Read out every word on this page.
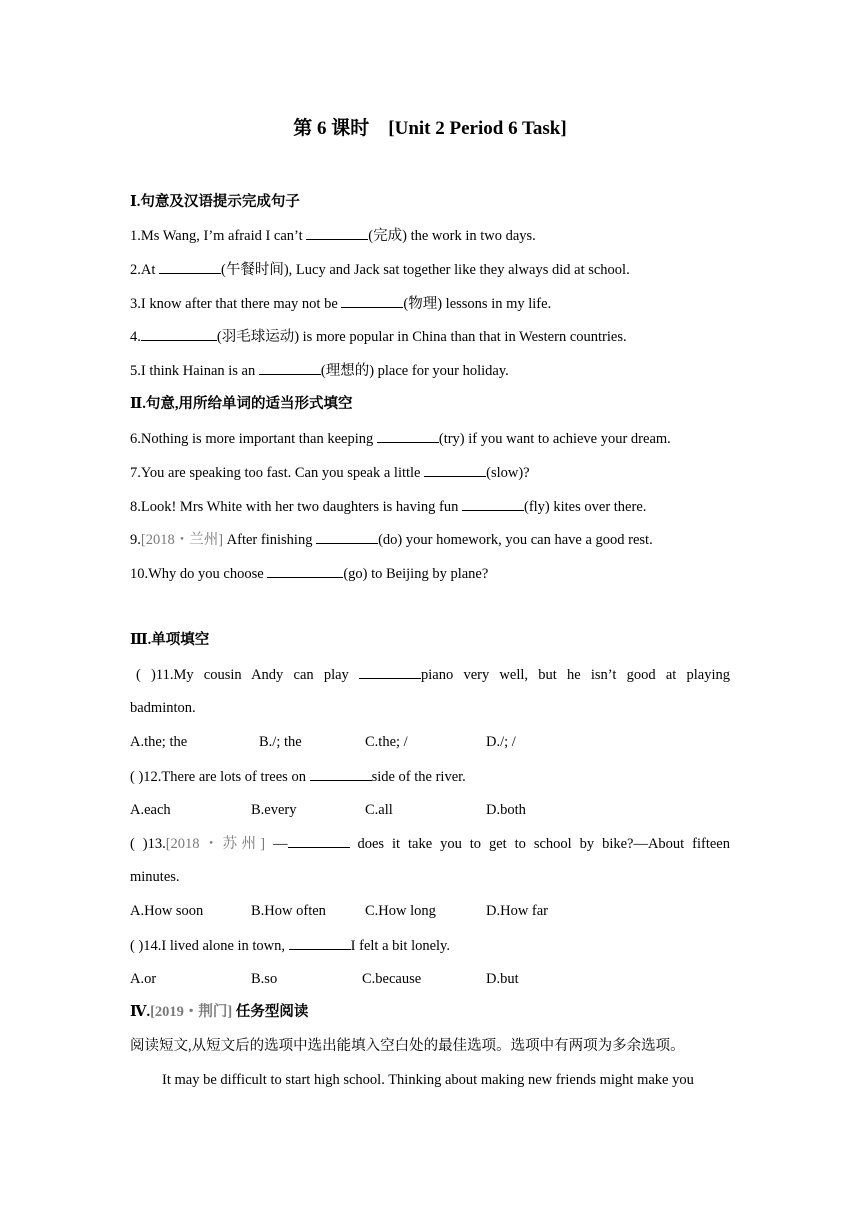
第 6 课时    [Unit 2 Period 6 Task]
Ⅰ.句意及汉语提示完成句子
1.Ms Wang, I’m afraid I can’t	(完成) the work in two days.
2.At	(午餐时间), Lucy and Jack sat together like they always did at school.
3.I know after that there may not be	(物理) lessons in my life.
4.	(羽毛球运动) is more popular in China than that in Western countries.
5.I think Hainan is an	(理想的) place for your holiday.
Ⅱ.句意,用所给单词的适当形式填空
6.Nothing is more important than keeping	(try) if you want to achieve your dream.
7.You are speaking too fast. Can you speak a little	(slow)?
8.Look! Mrs White with her two daughters is having fun	(fly) kites over there.
9.[2018・兰州] After finishing	(do) your homework, you can have a good rest.
10.Why do you choose	(go) to Beijing by plane?
Ⅲ.单项填空
( )11.My cousin Andy can play	piano very well, but he isn’t good at playing
badminton.
A.the; the	B./; the	C.the; /	D./; /
( )12.There are lots of trees on	side of the river.
A.each	B.every	C.all	D.both
( )13.[2018・苏州] —	does it take you to get to school by bike?—About fifteen
minutes.
A.How soon	B.How often	C.How long	D.How far
( )14.I lived alone in town,	I felt a bit lonely.
A.or	B.so	C.because	D.but
Ⅳ.[2019・荆门] 任务型阅读
阅读短文,从短文后的选项中选出能填入空白处的最佳选项。选项中有两项为多余选项。
It may be difficult to start high school. Thinking about making new friends might make you
